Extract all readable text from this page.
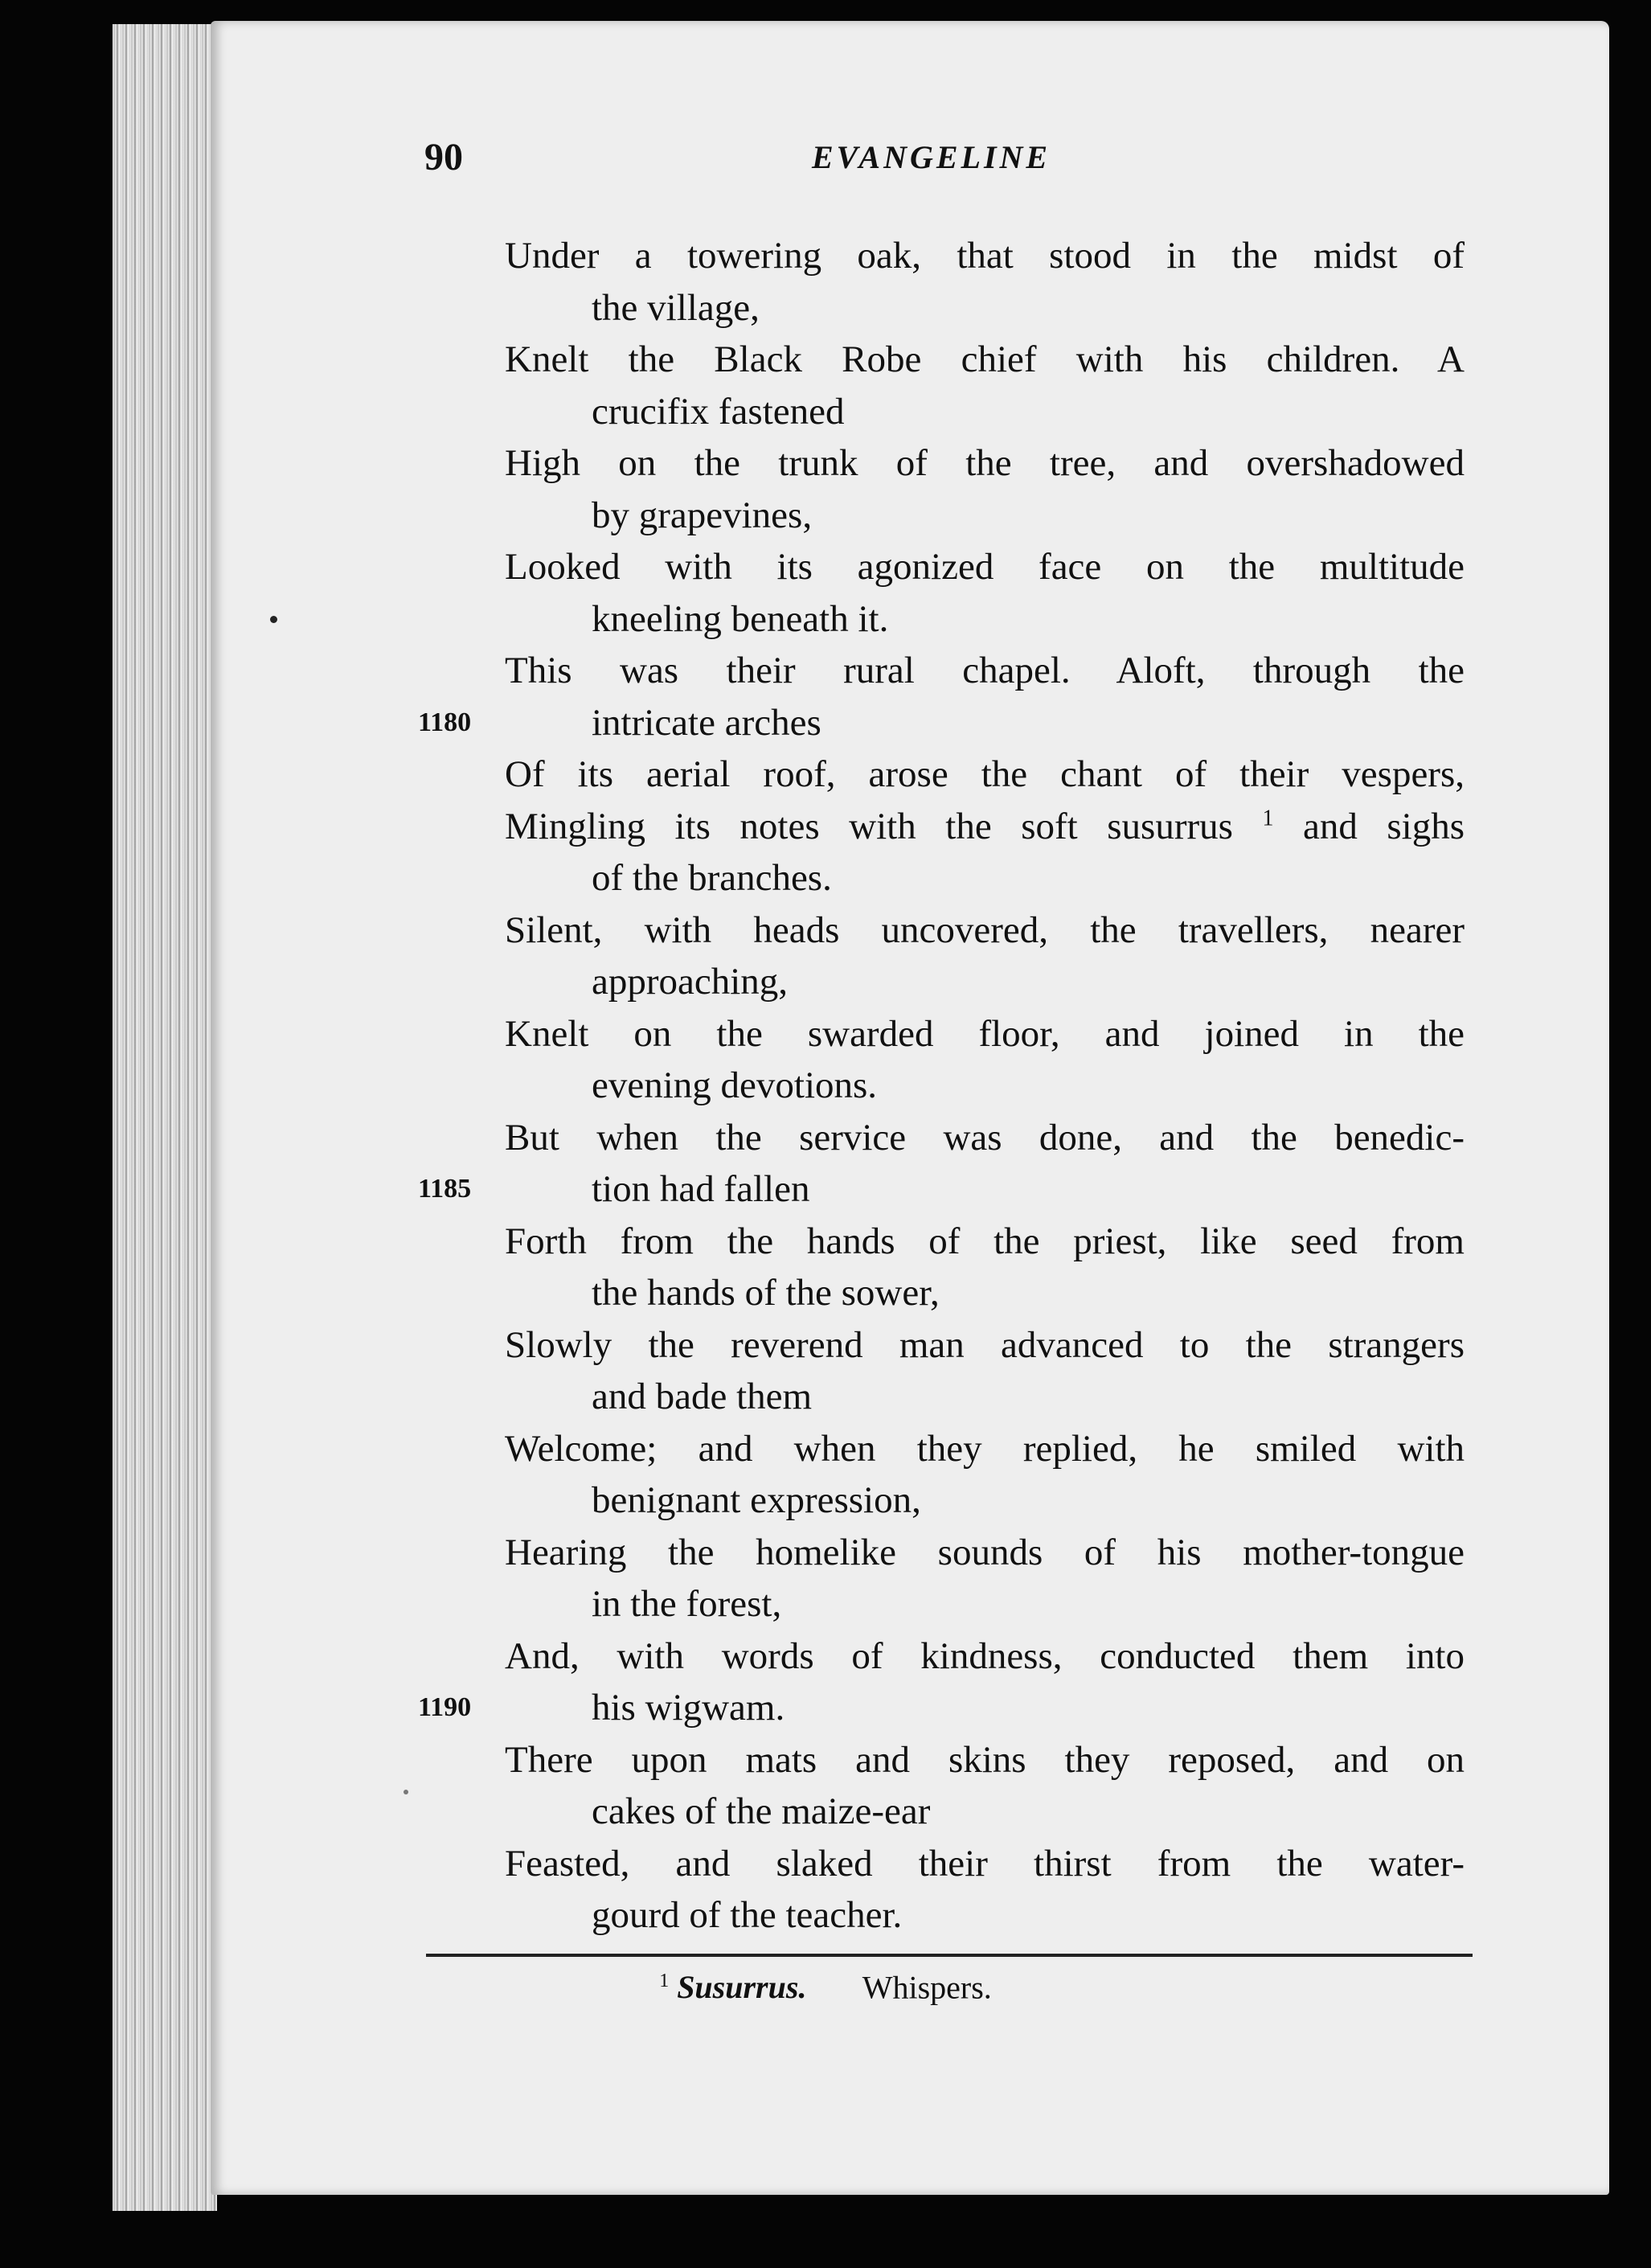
90	EVANGELINE
Under a towering oak, that stood in the midst of
the village,
Knelt the Black Robe chief with his children. A
crucifix fastened
High on the trunk of the tree, and overshadowed
by grapevines,
Looked with its agonized face on the multitude
kneeling beneath it.
This was their rural chapel. Aloft, through the
1180	intricate arches
Of its aerial roof, arose the chant of their vespers,
Mingling its notes with the soft susurrus $^1$ and sighs
of the branches.
Silent, with heads uncovered, the travellers, nearer
approaching,
Knelt on the swarded floor, and joined in the
evening devotions.
But when the service was done, and the benedic-
1185	tion had fallen
Forth from the hands of the priest, like seed from
the hands of the sower,
Slowly the reverend man advanced to the strangers
and bade them
Welcome; and when they replied, he smiled with
benignant expression,
Hearing the homelike sounds of his mother-tongue
in the forest,
And, with words of kindness, conducted them into
1190	his wigwam.
There upon mats and skins they reposed, and on
cakes of the maize-ear
Feasted, and slaked their thirst from the water-
gourd of the teacher.
$^1$ Susurrus. Whispers.
